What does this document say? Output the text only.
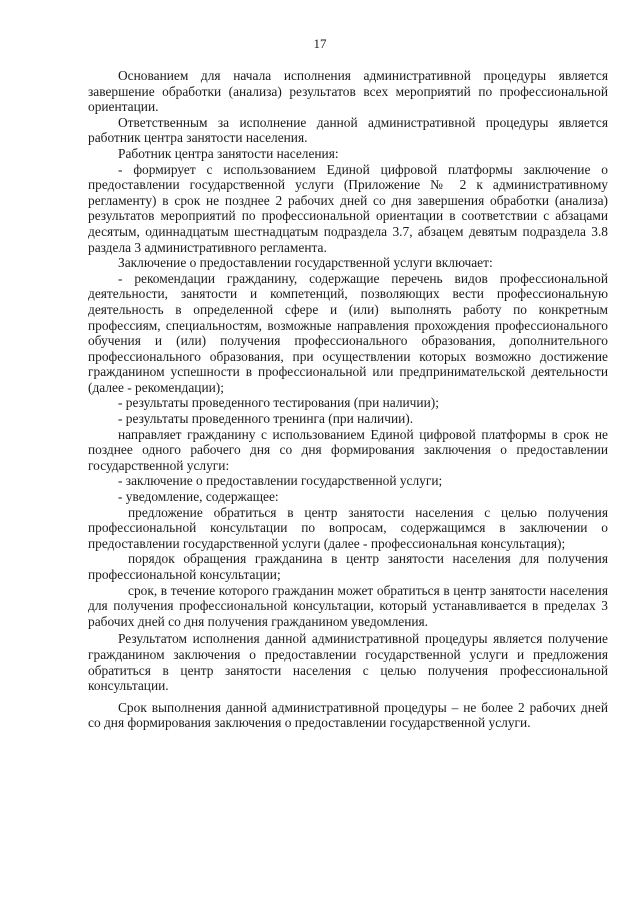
17

Основанием для начала исполнения административной процедуры является завершение обработки (анализа) результатов всех мероприятий по профессиональной ориентации.

Ответственным за исполнение данной административной процедуры является работник центра занятости населения.

Работник центра занятости населения:

- формирует с использованием Единой цифровой платформы заключение о предоставлении государственной услуги (Приложение № 2 к административному регламенту) в срок не позднее 2 рабочих дней со дня завершения обработки (анализа) результатов мероприятий по профессиональной ориентации в соответствии с абзацами десятым, одиннадцатым шестнадцатым подраздела 3.7, абзацем девятым подраздела 3.8 раздела 3 административного регламента.

Заключение о предоставлении государственной услуги включает:

- рекомендации гражданину, содержащие перечень видов профессиональной деятельности, занятости и компетенций, позволяющих вести профессиональную деятельность в определенной сфере и (или) выполнять работу по конкретным профессиям, специальностям, возможные направления прохождения профессионального обучения и (или) получения профессионального образования, дополнительного профессионального образования, при осуществлении которых возможно достижение гражданином успешности в профессиональной или предпринимательской деятельности (далее - рекомендации);

- результаты проведенного тестирования (при наличии);

- результаты проведенного тренинга (при наличии).

направляет гражданину с использованием Единой цифровой платформы в срок не позднее одного рабочего дня со дня формирования заключения о предоставлении государственной услуги:

- заключение о предоставлении государственной услуги;

- уведомление, содержащее:

предложение обратиться в центр занятости населения с целью получения профессиональной консультации по вопросам, содержащимся в заключении о предоставлении государственной услуги (далее - профессиональная консультация);

порядок обращения гражданина в центр занятости населения для получения профессиональной консультации;

срок, в течение которого гражданин может обратиться в центр занятости населения для получения профессиональной консультации, который устанавливается в пределах 3 рабочих дней со дня получения гражданином уведомления.

Результатом исполнения данной административной процедуры является получение гражданином заключения о предоставлении государственной услуги и предложения обратиться в центр занятости населения с целью получения профессиональной консультации.

Срок выполнения данной административной процедуры – не более 2 рабочих дней со дня формирования заключения о предоставлении государственной услуги.
